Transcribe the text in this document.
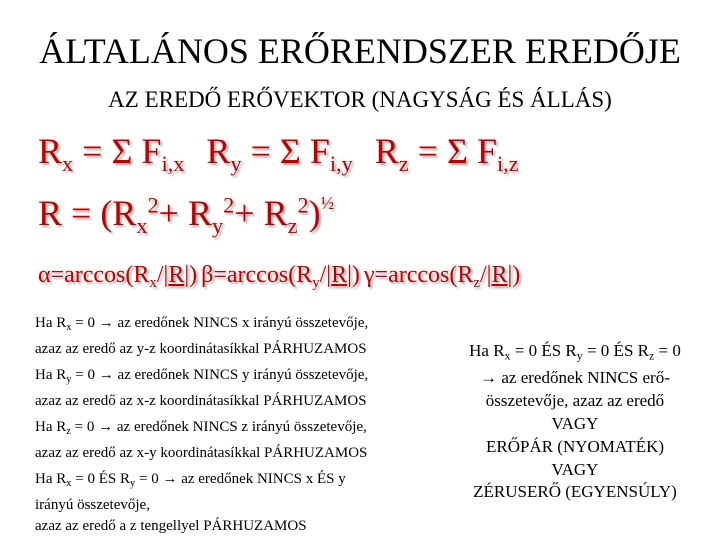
ÁLTALÁNOS ERŐRENDSZER EREDŐJE
AZ EREDŐ ERŐVEKTOR (NAGYSÁG ÉS ÁLLÁS)
$R_x = \Sigma$ $F_{i,x}$ $R_y = \Sigma$ $F_{i,y}$ $R_z = \Sigma$ $F_{i,z}$
$R = (R_x^2+ R_y^2+ R_z^2)^{\frac{1}{2}}$
$\alpha=\arccos(R_x/|R|)$ $\beta=\arccos(R_y/|R|)$ $\gamma=\arccos(R_z/|R|)$
Ha $R_x = 0$ → az eredőnek NINCS x irányú összetevője,
azaz az eredő az y-z koordinátasíkkal PÁRHUZAMOS
Ha $R_y = 0$ → az eredőnek NINCS y irányú összetevője,
azaz az eredő az x-z koordinátasíkkal PÁRHUZAMOS
Ha $R_z = 0$ → az eredőnek NINCS z irányú összetevője,
azaz az eredő az x-y koordinátasíkkal PÁRHUZAMOS
Ha $R_x = 0$ ÉS $R_y = 0$ → az eredőnek NINCS x ÉS y
irányú összetevője,
azaz az eredő a z tengellyel PÁRHUZAMOS
Ha $R_x = 0$ ÉS $R_y = 0$ ÉS $R_z = 0$
→ az eredőnek NINCS erő-
összetevője, azaz az eredő
VAGY
ERŐPÁR (NYOMATÉK)
VAGY
ZÉRUSERŐ (EGYENSÚLY)
